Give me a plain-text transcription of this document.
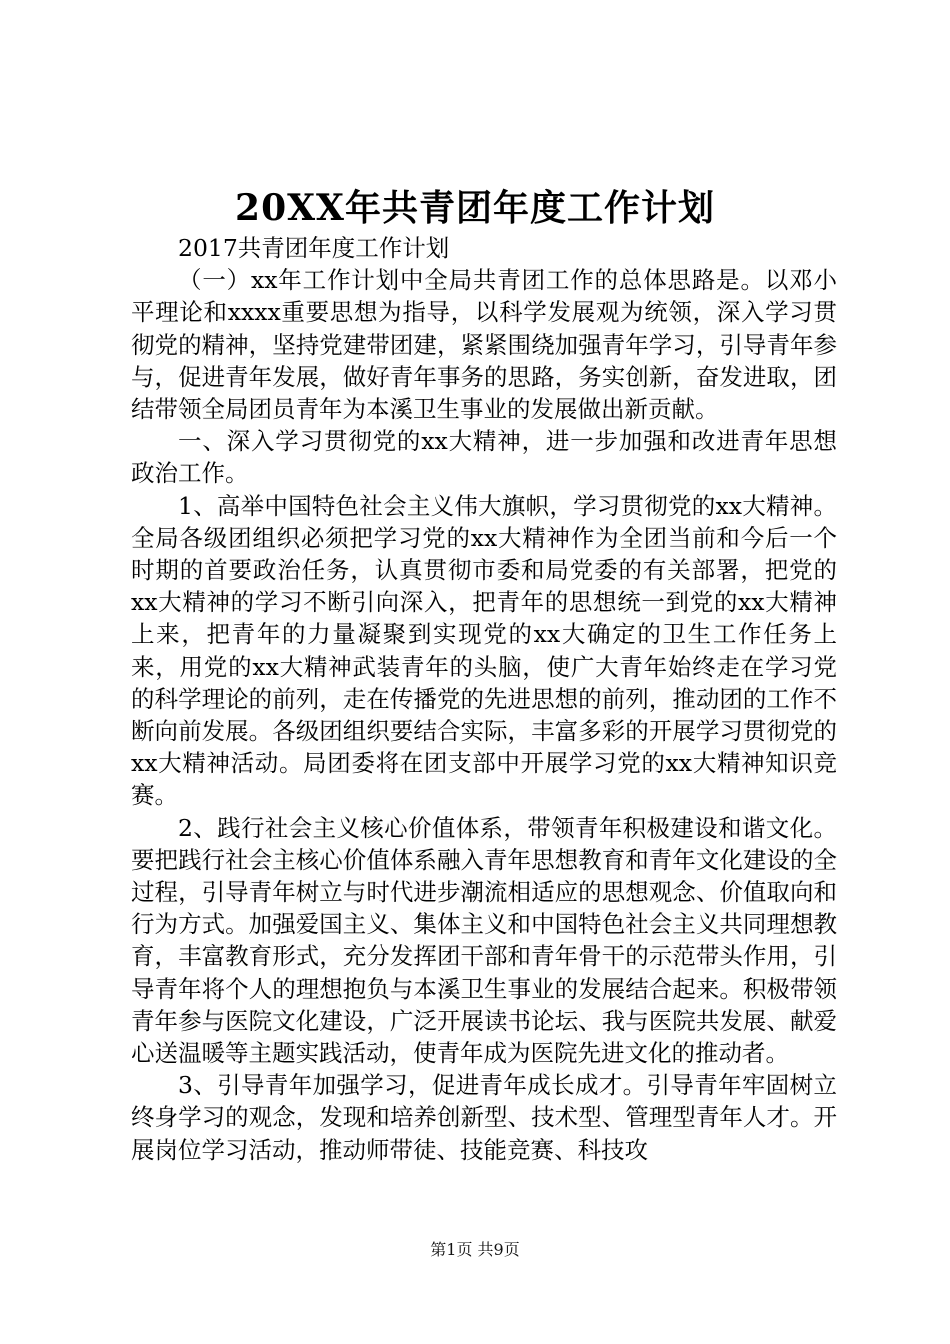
20XX年共青团年度工作计划

2017共青团年度工作计划

（一）xx年工作计划中全局共青团工作的总体思路是。以邓小平理论和xxxx重要思想为指导，以科学发展观为统领，深入学习贯彻党的精神，坚持党建带团建，紧紧围绕加强青年学习，引导青年参与，促进青年发展，做好青年事务的思路，务实创新，奋发进取，团结带领全局团员青年为本溪卫生事业的发展做出新贡献。

一、深入学习贯彻党的xx大精神，进一步加强和改进青年思想政治工作。

1、高举中国特色社会主义伟大旗帜，学习贯彻党的xx大精神。全局各级团组织必须把学习党的xx大精神作为全团当前和今后一个时期的首要政治任务，认真贯彻市委和局党委的有关部署，把党的xx大精神的学习不断引向深入，把青年的思想统一到党的xx大精神上来，把青年的力量凝聚到实现党的xx大确定的卫生工作任务上来，用党的xx大精神武装青年的头脑，使广大青年始终走在学习党的科学理论的前列，走在传播党的先进思想的前列，推动团的工作不断向前发展。各级团组织要结合实际，丰富多彩的开展学习贯彻党的xx大精神活动。局团委将在团支部中开展学习党的xx大精神知识竞赛。

2、践行社会主义核心价值体系，带领青年积极建设和谐文化。要把践行社会主核心价值体系融入青年思想教育和青年文化建设的全过程，引导青年树立与时代进步潮流相适应的思想观念、价值取向和行为方式。加强爱国主义、集体主义和中国特色社会主义共同理想教育，丰富教育形式，充分发挥团干部和青年骨干的示范带头作用，引导青年将个人的理想抱负与本溪卫生事业的发展结合起来。积极带领青年参与医院文化建设，广泛开展读书论坛、我与医院共发展、献爱心送温暖等主题实践活动，使青年成为医院先进文化的推动者。

3、引导青年加强学习，促进青年成长成才。引导青年牢固树立终身学习的观念，发现和培养创新型、技术型、管理型青年人才。开展岗位学习活动，推动师带徒、技能竞赛、科技攻

第1页 共9页
